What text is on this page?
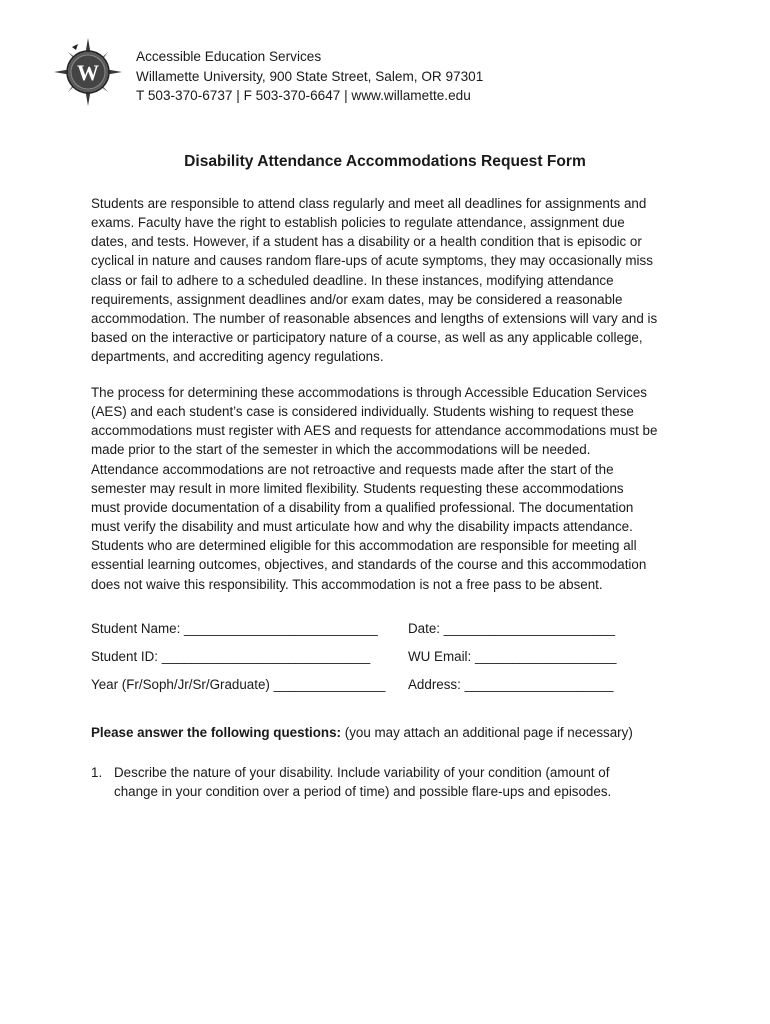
W
Accessible Education Services
Willamette University, 900 State Street, Salem, OR 97301
T 503-370-6737 | F 503-370-6647 | www.willamette.edu
Disability Attendance Accommodations Request Form
Students are responsible to attend class regularly and meet all deadlines for assignments and
exams. Faculty have the right to establish policies to regulate attendance, assignment due
dates, and tests. However, if a student has a disability or a health condition that is episodic or
cyclical in nature and causes random flare-ups of acute symptoms, they may occasionally miss
class or fail to adhere to a scheduled deadline. In these instances, modifying attendance
requirements, assignment deadlines and/or exam dates, may be considered a reasonable
accommodation. The number of reasonable absences and lengths of extensions will vary and is
based on the interactive or participatory nature of a course, as well as any applicable college,
departments, and accrediting agency regulations.
The process for determining these accommodations is through Accessible Education Services
(AES) and each student’s case is considered individually. Students wishing to request these
accommodations must register with AES and requests for attendance accommodations must be
made prior to the start of the semester in which the accommodations will be needed.
Attendance accommodations are not retroactive and requests made after the start of the
semester may result in more limited flexibility. Students requesting these accommodations
must provide documentation of a disability from a qualified professional. The documentation
must verify the disability and must articulate how and why the disability impacts attendance.
Students who are determined eligible for this accommodation are responsible for meeting all
essential learning outcomes, objectives, and standards of the course and this accommodation
does not waive this responsibility. This accommodation is not a free pass to be absent.
Student Name: __________________________ Date: _______________________
Student ID: ____________________________	WU Email: ___________________
Year (Fr/Soph/Jr/Sr/Graduate) _______________ Address: ____________________
Please answer the following questions: (you may attach an additional page if necessary)
1. Describe the nature of your disability. Include variability of your condition (amount of
change in your condition over a period of time) and possible flare-ups and episodes.
